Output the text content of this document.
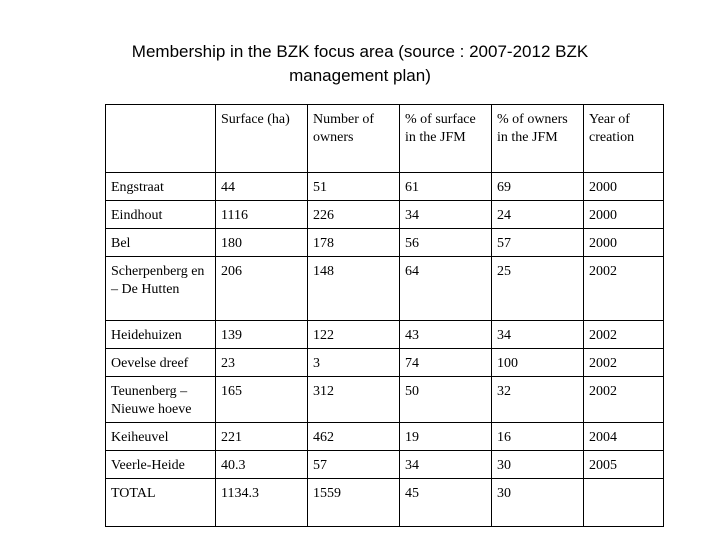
Membership in the BZK focus area (source : 2007-2012 BZK
management plan)
	Surface (ha)	Number of owners	% of surface in the JFM	% of owners in the JFM	Year of creation
Engstraat	44	51	61	69	2000
Eindhout	1116	226	34	24	2000
Bel	180	178	56	57	2000
Scherpenberg en – De Hutten	206	148	64	25	2002
Heidehuizen	139	122	43	34	2002
Oevelse dreef	23	3	74	100	2002
Teunenberg – Nieuwe hoeve	165	312	50	32	2002
Keiheuvel	221	462	19	16	2004
Veerle-Heide	40.3	57	34	30	2005
TOTAL	1134.3	1559	45	30	
